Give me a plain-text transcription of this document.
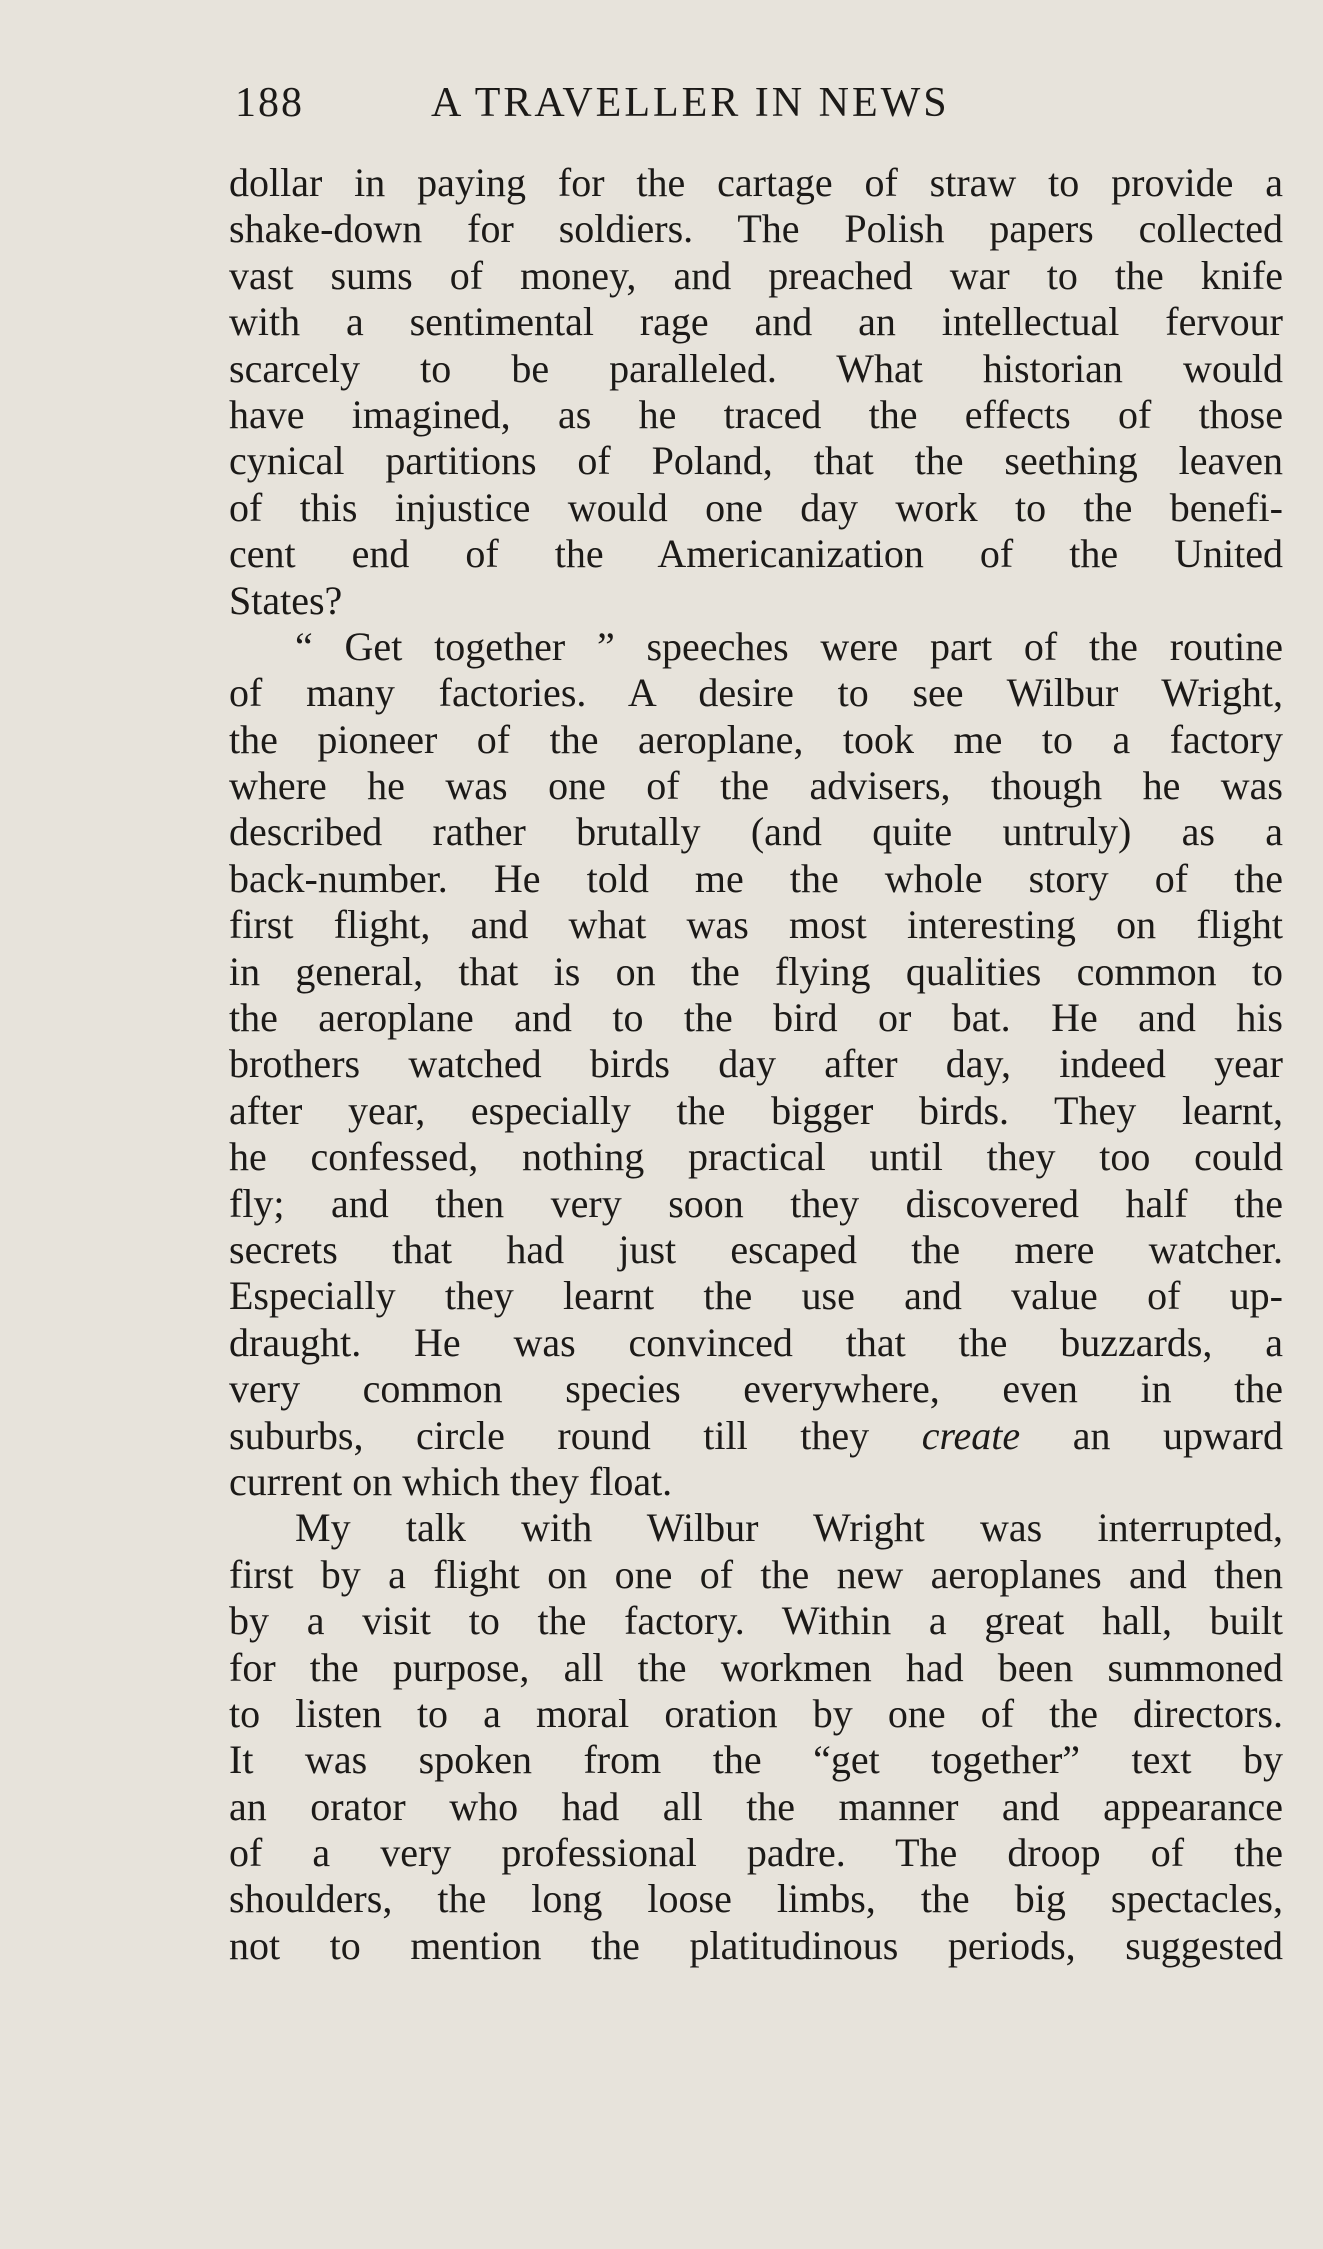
188	A TRAVELLER IN NEWS
dollar in paying for the cartage of straw to provide a
shake-down for soldiers. The Polish papers collected
vast sums of money, and preached war to the knife
with a sentimental rage and an intellectual fervour
scarcely to be paralleled. What historian would
have imagined, as he traced the effects of those
cynical partitions of Poland, that the seething leaven
of this injustice would one day work to the benefi-
cent end of the Americanization of the United
States?
“ Get together ” speeches were part of the routine
of many factories. A desire to see Wilbur Wright,
the pioneer of the aeroplane, took me to a factory
where he was one of the advisers, though he was
described rather brutally (and quite untruly) as a
back-number. He told me the whole story of the
first flight, and what was most interesting on flight
in general, that is on the flying qualities common to
the aeroplane and to the bird or bat. He and his
brothers watched birds day after day, indeed year
after year, especially the bigger birds. They learnt,
he confessed, nothing practical until they too could
fly; and then very soon they discovered half the
secrets that had just escaped the mere watcher.
Especially they learnt the use and value of up-
draught. He was convinced that the buzzards, a
very common species everywhere, even in the
suburbs, circle round till they create an upward
current on which they float.
My talk with Wilbur Wright was interrupted,
first by a flight on one of the new aeroplanes and then
by a visit to the factory. Within a great hall, built
for the purpose, all the workmen had been summoned
to listen to a moral oration by one of the directors.
It was spoken from the “get together” text by
an orator who had all the manner and appearance
of a very professional padre. The droop of the
shoulders, the long loose limbs, the big spectacles,
not to mention the platitudinous periods, suggested
